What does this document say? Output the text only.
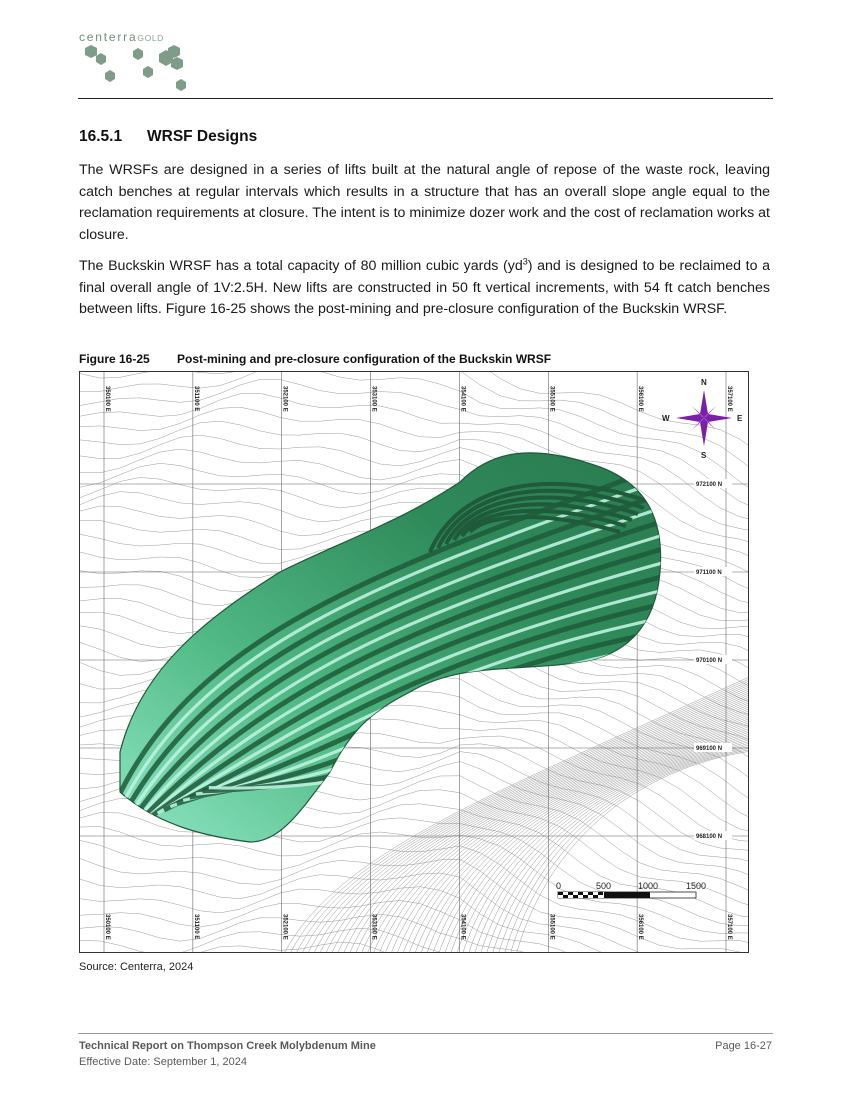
centerraGOLD
16.5.1 WRSF Designs

The WRSFs are designed in a series of lifts built at the natural angle of repose of the waste rock, leaving catch benches at regular intervals which results in a structure that has an overall slope angle equal to the reclamation requirements at closure. The intent is to minimize dozer work and the cost of reclamation works at closure.

The Buckskin WRSF has a total capacity of 80 million cubic yards $(yd^3)$ and is designed to be reclaimed to a final overall angle of 1V:2.5H. New lifts are constructed in 50 ft vertical increments, with 54 ft catch benches between lifts. Figure 16-25 shows the post-mining and pre-closure configuration of the Buckskin WRSF.

Figure 16-25 Post-mining and pre-closure configuration of the Buckskin WRSF
350100 E
350100 E
351100 E
351100 E
352100 E
352100 E
353100 E
353100 E
354100 E
354100 E
355100 E
355100 E
356100 E
356100 E
357100 E
357100 E
972100 N
971100 N
970100 N
969100 N
968100 N
N
S
E
W
0	500	1000	1500
Source: Centerra, 2024
Technical Report on Thompson Creek Molybdenum Mine
Effective Date: September 1, 2024
Page 16-27
